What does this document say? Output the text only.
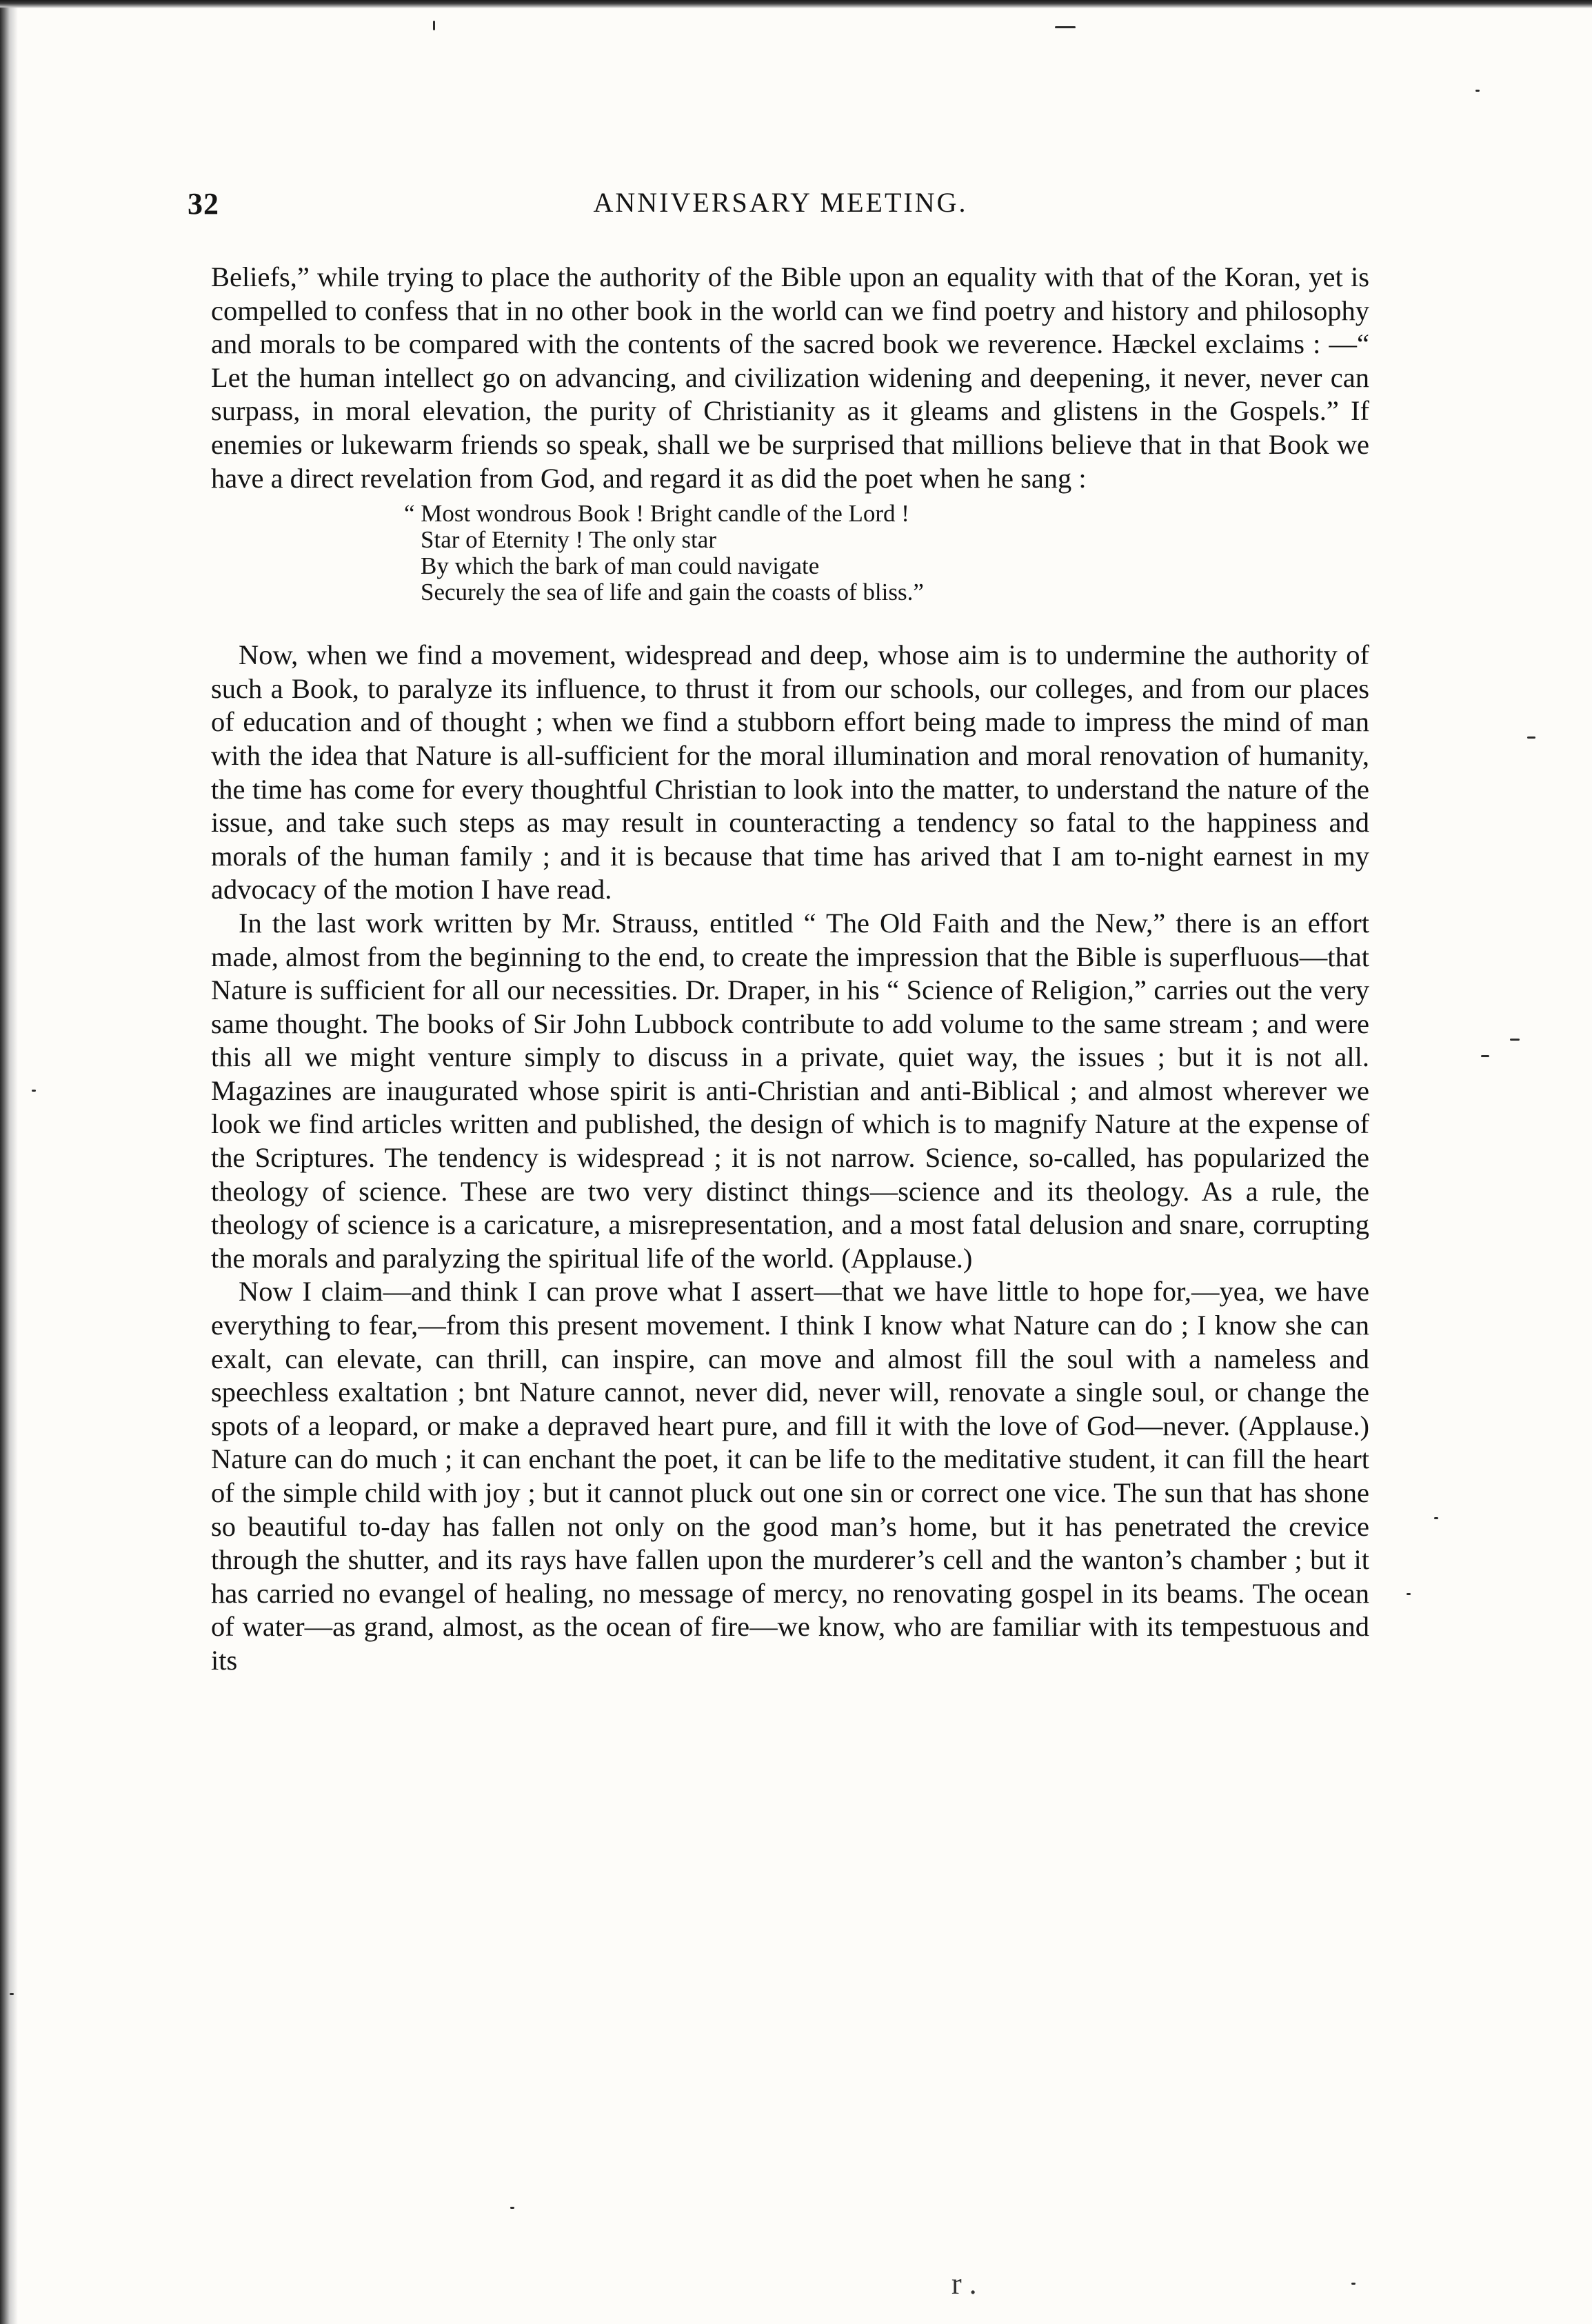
32	ANNIVERSARY MEETING.

Beliefs,” while trying to place the authority of the Bible upon an equality with that of the Koran, yet is compelled to confess that in no other book in the world can we find poetry and history and philosophy and morals to be compared with the contents of the sacred book we reverence. Hæckel exclaims : —“ Let the human intellect go on advancing, and civilization widening and deepening, it never, never can surpass, in moral elevation, the purity of Christianity as it gleams and glistens in the Gospels.” If enemies or lukewarm friends so speak, shall we be surprised that millions believe that in that Book we have a direct revelation from God, and regard it as did the poet when he sang :

“ Most wondrous Book ! Bright candle of the Lord !
Star of Eternity ! The only star
By which the bark of man could navigate
Securely the sea of life and gain the coasts of bliss.”

Now, when we find a movement, widespread and deep, whose aim is to undermine the authority of such a Book, to paralyze its influence, to thrust it from our schools, our colleges, and from our places of education and of thought ; when we find a stubborn effort being made to impress the mind of man with the idea that Nature is all-sufficient for the moral illumination and moral renovation of humanity, the time has come for every thoughtful Christian to look into the matter, to understand the nature of the issue, and take such steps as may result in counteracting a tendency so fatal to the happiness and morals of the human family ; and it is because that time has arived that I am to-night earnest in my advocacy of the motion I have read.

In the last work written by Mr. Strauss, entitled “ The Old Faith and the New,” there is an effort made, almost from the beginning to the end, to create the impression that the Bible is superfluous—that Nature is sufficient for all our necessities. Dr. Draper, in his “ Science of Religion,” carries out the very same thought. The books of Sir John Lubbock contribute to add volume to the same stream ; and were this all we might venture simply to discuss in a private, quiet way, the issues ; but it is not all. Magazines are inaugurated whose spirit is anti-Christian and anti-Biblical ; and almost wherever we look we find articles written and published, the design of which is to magnify Nature at the expense of the Scriptures. The tendency is widespread ; it is not narrow. Science, so-called, has popularized the theology of science. These are two very distinct things—science and its theology. As a rule, the theology of science is a caricature, a misrepresentation, and a most fatal delusion and snare, corrupting the morals and paralyzing the spiritual life of the world. (Applause.)

Now I claim—and think I can prove what I assert—that we have little to hope for,—yea, we have everything to fear,—from this present movement. I think I know what Nature can do ; I know she can exalt, can elevate, can thrill, can inspire, can move and almost fill the soul with a nameless and speechless exaltation ; bnt Nature cannot, never did, never will, renovate a single soul, or change the spots of a leopard, or make a depraved heart pure, and fill it with the love of God—never. (Applause.) Nature can do much ; it can enchant the poet, it can be life to the meditative student, it can fill the heart of the simple child with joy ; but it cannot pluck out one sin or correct one vice. The sun that has shone so beautiful to-day has fallen not only on the good man’s home, but it has penetrated the crevice through the shutter, and its rays have fallen upon the murderer’s cell and the wanton’s chamber ; but it has carried no evangel of healing, no message of mercy, no renovating gospel in its beams. The ocean of water—as grand, almost, as the ocean of fire—we know, who are familiar with its tempestuous and its

r .
